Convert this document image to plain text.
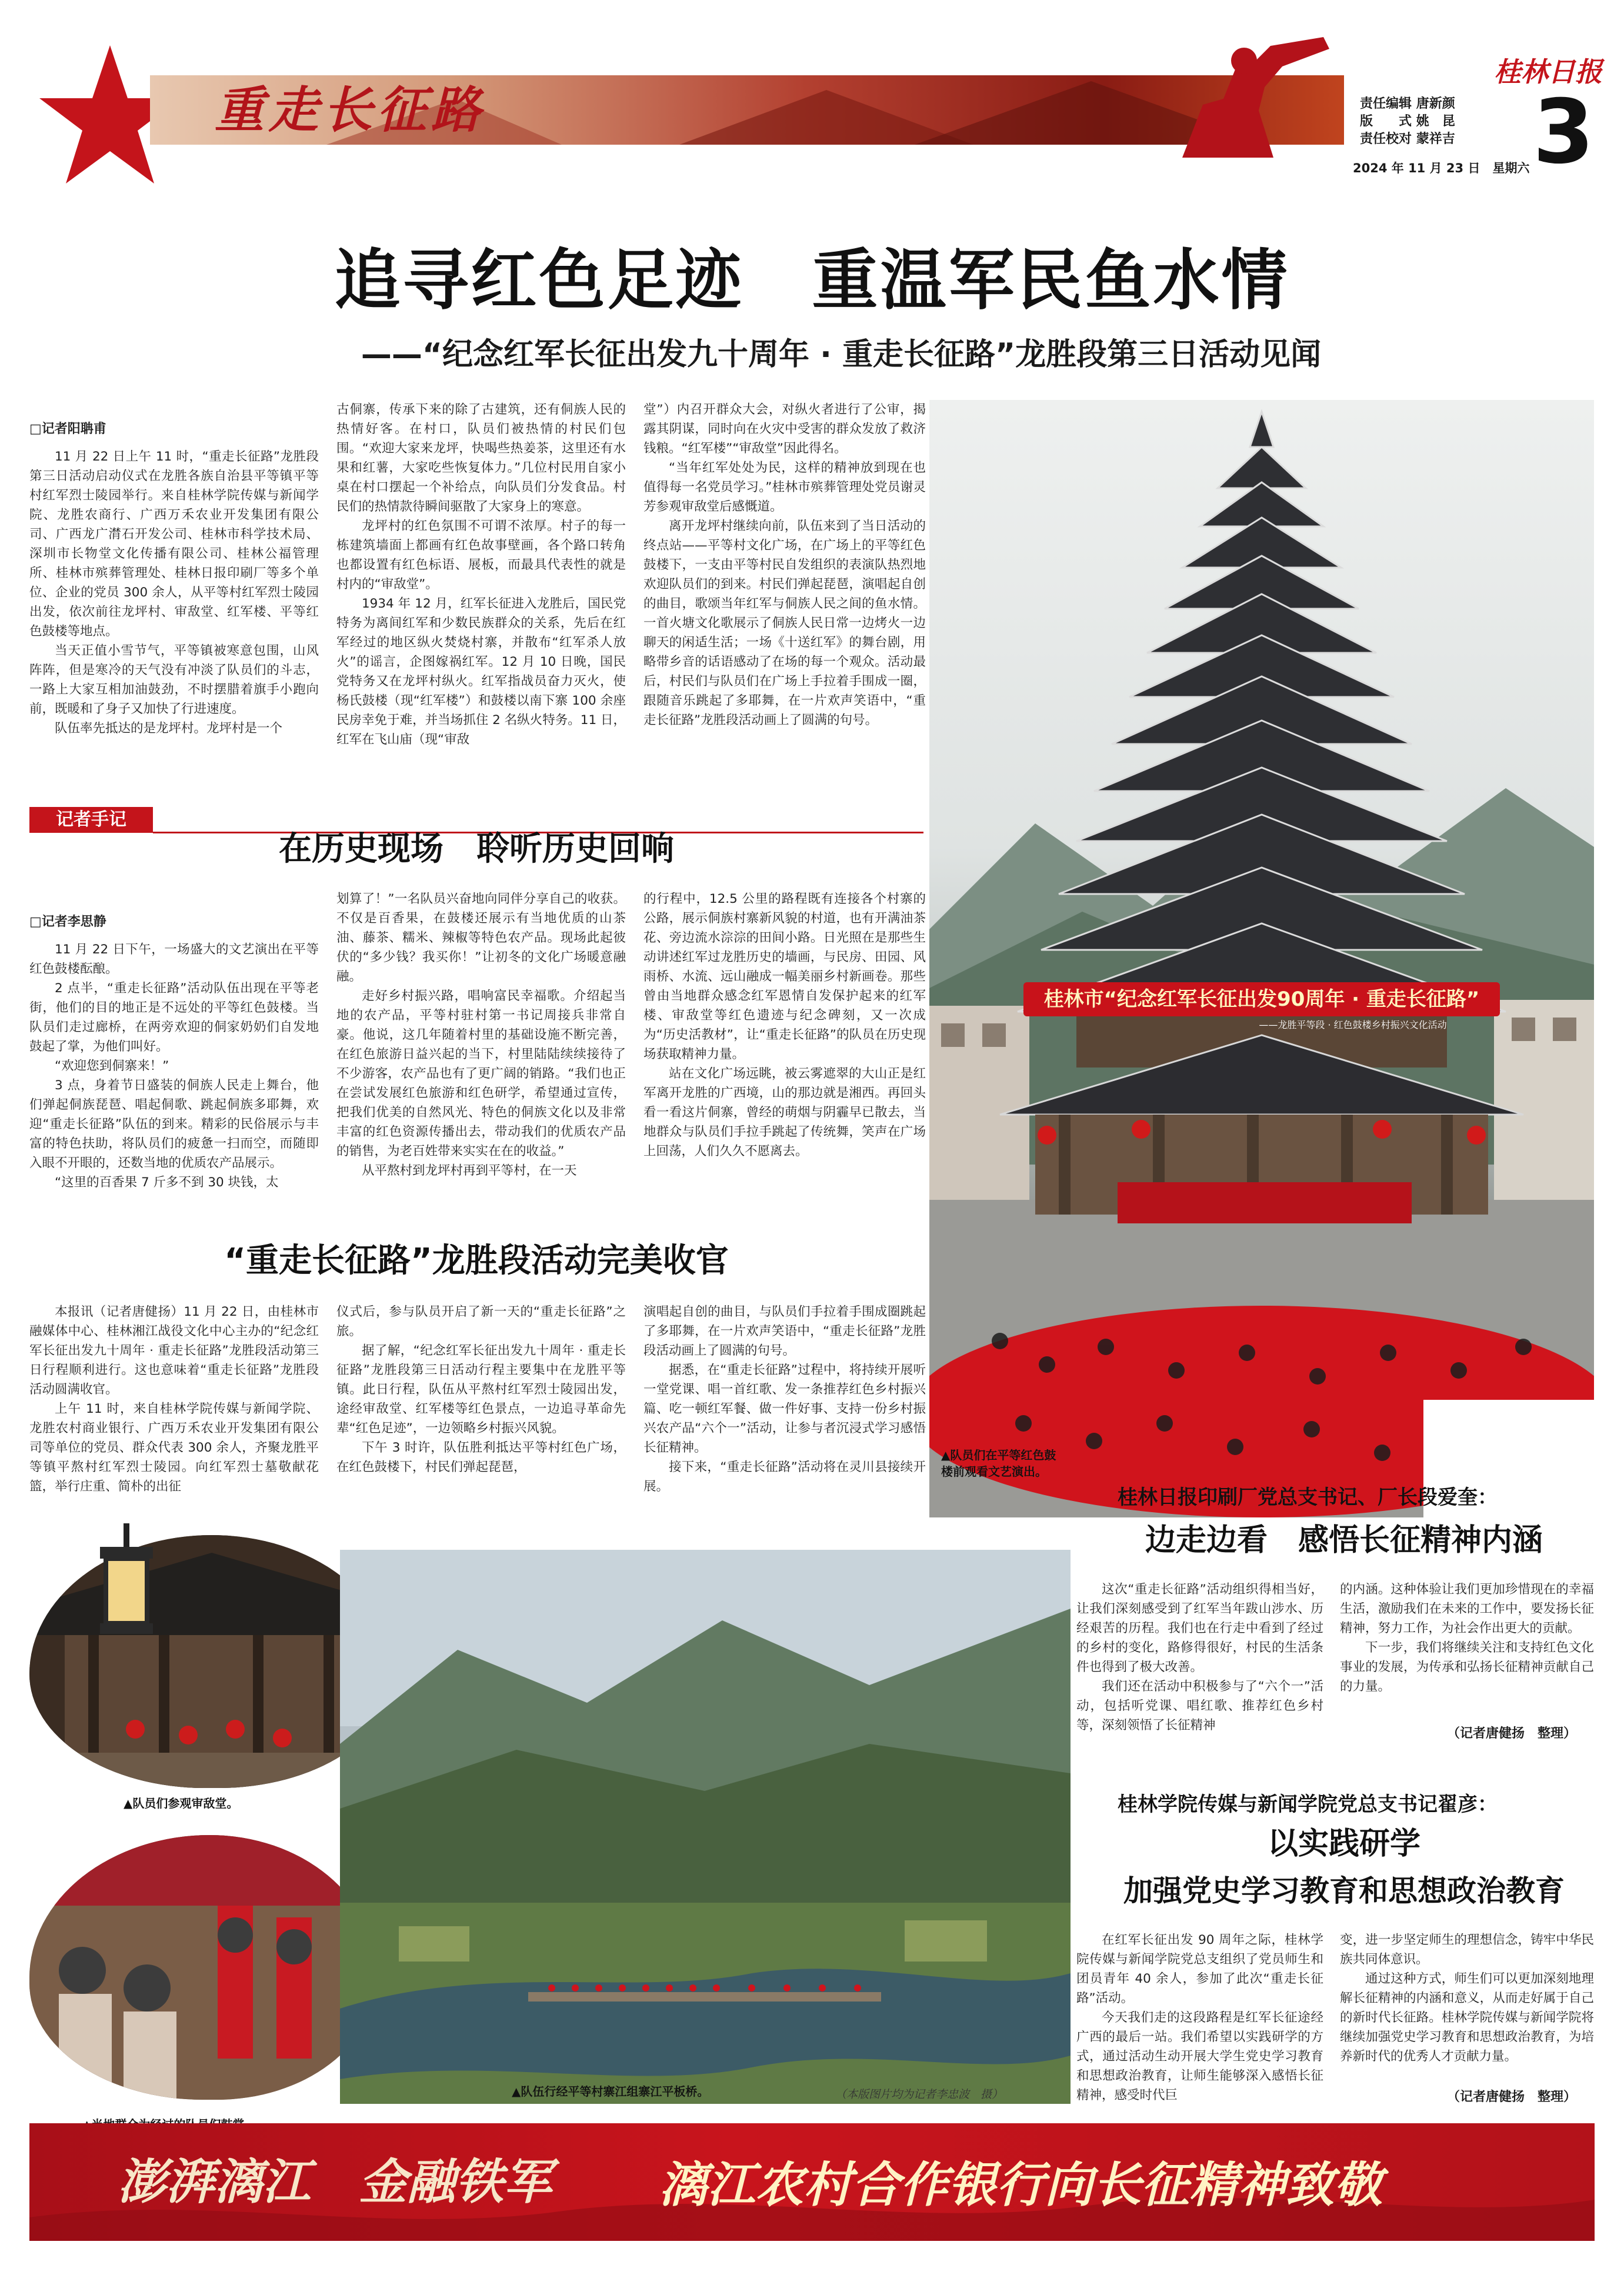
重走长征路
桂林日报
责任编辑 唐新颜
版　　式 姚　昆
责任校对 蒙祥吉
2024 年 11 月 23 日　星期六 3
追寻红色足迹　重温军民鱼水情
——“纪念红军长征出发九十周年 · 重走长征路”龙胜段第三日活动见闻
□记者阳聃甫

11 月 22 日上午 11 时，“重走长征路”龙胜段第三日活动启动仪式在龙胜各族自治县平等镇平等村红军烈士陵园举行。来自桂林学院传媒与新闻学院、龙胜农商行、广西万禾农业开发集团有限公司、广西龙广潸石开发公司、桂林市科学技术局、深圳市长物堂文化传播有限公司、桂林公福管理所、桂林市殡葬管理处、桂林日报印刷厂等多个单位、企业的党员 300 余人，从平等村红军烈士陵园出发，依次前往龙坪村、审敌堂、红军楼、平等红色鼓楼等地点。

当天正值小雪节气，平等镇被寒意包围，山风阵阵，但是寒冷的天气没有冲淡了队员们的斗志，一路上大家互相加油鼓劲，不时摆腊着旗手小跑向前，既暖和了身子又加快了行进速度。

队伍率先抵达的是龙坪村。龙坪村是一个

古侗寨，传承下来的除了古建筑，还有侗族人民的热情好客。在村口，队员们被热情的村民们包围。“欢迎大家来龙坪，快喝些热姜茶，这里还有水果和红薯，大家吃些恢复体力。”几位村民用自家小桌在村口摆起一个补给点，向队员们分发食品。村民们的热情款待瞬间驱散了大家身上的寒意。

龙坪村的红色氛围不可谓不浓厚。村子的每一栋建筑墙面上都画有红色故事壁画，各个路口转角也都设置有红色标语、展板，而最具代表性的就是村内的“审敌堂”。

1934 年 12 月，红军长征进入龙胜后，国民党特务为离间红军和少数民族群众的关系，先后在红军经过的地区纵火焚烧村寨，并散布“红军杀人放火”的谣言，企图嫁祸红军。12 月 10 日晚，国民党特务又在龙坪村纵火。红军指战员奋力灭火，使杨氏鼓楼（现“红军楼”）和鼓楼以南下寨 100 余座民房幸免于难，并当场抓住 2 名纵火特务。11 日，红军在飞山庙（现“审敌

堂”）内召开群众大会，对纵火者进行了公审，揭露其阴谋，同时向在火灾中受害的群众发放了救济钱粮。“红军楼”“审敌堂”因此得名。

“当年红军处处为民，这样的精神放到现在也值得每一名党员学习。”桂林市殡葬管理处党员谢灵芳参观审敌堂后感慨道。

离开龙坪村继续向前，队伍来到了当日活动的终点站——平等村文化广场，在广场上的平等红色鼓楼下，一支由平等村民自发组织的表演队热烈地欢迎队员们的到来。村民们弹起琵琶，演唱起自创的曲目，歌颂当年红军与侗族人民之间的鱼水情。一首火塘文化歌展示了侗族人民日常一边烤火一边聊天的闲适生活；一场《十送红军》的舞台剧，用略带乡音的话语感动了在场的每一个观众。活动最后，村民们与队员们在广场上手拉着手围成一圈，跟随音乐跳起了多耶舞，在一片欢声笑语中，“重走长征路”龙胜段活动画上了圆满的句号。

桂林市“纪念红军长征出发90周年 · 重走长征路”
——龙胜平等段 · 红色鼓楼乡村振兴文化活动
▲队员们在平等红色鼓楼前观看文艺演出。
记者手记
在历史现场　聆听历史回响
□记者李思静

11 月 22 日下午，一场盛大的文艺演出在平等红色鼓楼酝酿。

2 点半，“重走长征路”活动队伍出现在平等老街，他们的目的地正是不远处的平等红色鼓楼。当队员们走过廊桥，在两旁欢迎的侗家奶奶们自发地鼓起了掌，为他们叫好。

“欢迎您到侗寨来！”

3 点，身着节日盛装的侗族人民走上舞台，他们弹起侗族琵琶、唱起侗歌、跳起侗族多耶舞，欢迎“重走长征路”队伍的到来。精彩的民俗展示与丰富的特色扶助，将队员们的疲惫一扫而空，而随即入眼不开眼的，还数当地的优质农产品展示。

“这里的百香果 7 斤多不到 30 块钱，太

划算了！”一名队员兴奋地向同伴分享自己的收获。不仅是百香果，在鼓楼还展示有当地优质的山茶油、藤茶、糯米、辣椒等特色农产品。现场此起彼伏的“多少钱？我买你！”让初冬的文化广场暖意融融。

走好乡村振兴路，唱响富民幸福歌。介绍起当地的农产品，平等村驻村第一书记周接兵非常自豪。他说，这几年随着村里的基础设施不断完善，在红色旅游日益兴起的当下，村里陆陆续续接待了不少游客，农产品也有了更广阔的销路。“我们也正在尝试发展红色旅游和红色研学，希望通过宣传，把我们优美的自然风光、特色的侗族文化以及非常丰富的红色资源传播出去，带动我们的优质农产品的销售，为老百姓带来实实在在的收益。”

从平熬村到龙坪村再到平等村，在一天

的行程中，12.5 公里的路程既有连接各个村寨的公路，展示侗族村寨新风貌的村道，也有开满油茶花、旁边流水淙淙的田间小路。日光照在是那些生动讲述红军过龙胜历史的墙画，与民房、田园、风雨桥、水流、远山融成一幅美丽乡村新画卷。那些曾由当地群众感念红军恩情自发保护起来的红军楼、审敌堂等红色遗迹与纪念碑刻，又一次成为“历史活教材”，让“重走长征路”的队员在历史现场获取精神力量。

站在文化广场远眺，被云雾遮翠的大山正是红军离开龙胜的广西境，山的那边就是湘西。再回头看一看这片侗寨，曾经的萌烟与阴霾早已散去，当地群众与队员们手拉手跳起了传统舞，笑声在广场上回荡，人们久久不愿离去。

“重走长征路”龙胜段活动完美收官

本报讯（记者唐健扬）11 月 22 日，由桂林市融媒体中心、桂林湘江战役文化中心主办的“纪念红军长征出发九十周年 · 重走长征路”龙胜段活动第三日行程顺利进行。这也意味着“重走长征路”龙胜段活动圆满收官。

上午 11 时，来自桂林学院传媒与新闻学院、龙胜农村商业银行、广西万禾农业开发集团有限公司等单位的党员、群众代表 300 余人，齐聚龙胜平等镇平熬村红军烈士陵园。向红军烈士墓敬献花篮，举行庄重、简朴的出征

仪式后，参与队员开启了新一天的“重走长征路”之旅。

据了解，“纪念红军长征出发九十周年 · 重走长征路”龙胜段第三日活动行程主要集中在龙胜平等镇。此日行程，队伍从平熬村红军烈士陵园出发，途经审敌堂、红军楼等红色景点，一边追寻革命先辈“红色足迹”，一边领略乡村振兴风貌。

下午 3 时许，队伍胜利抵达平等村红色广场，在红色鼓楼下，村民们弹起琵琶，

演唱起自创的曲目，与队员们手拉着手围成圈跳起了多耶舞，在一片欢声笑语中，“重走长征路”龙胜段活动画上了圆满的句号。

据悉，在“重走长征路”过程中，将持续开展听一堂党课、唱一首红歌、发一条推荐红色乡村振兴篇、吃一顿红军餐、做一件好事、支持一份乡村振兴农产品“六个一”活动，让参与者沉浸式学习感悟长征精神。

接下来，“重走长征路”活动将在灵川县接续开展。

▲队员们参观审敌堂。
▲队伍行经平等村寨江组寨江平板桥。	（本版图片均为记者李忠波　摄）
桂林日报印刷厂党总支书记、厂长段爱奎：
边走边看　感悟长征精神内涵

这次“重走长征路”活动组织得相当好，让我们深刻感受到了红军当年跋山涉水、历经艰苦的历程。我们也在行走中看到了经过的乡村的变化，路修得很好，村民的生活条件也得到了极大改善。

我们还在活动中积极参与了“六个一”活动，包括听党课、唱红歌、推荐红色乡村等，深刻领悟了长征精神

的内涵。这种体验让我们更加珍惜现在的幸福生活，激励我们在未来的工作中，要发扬长征精神，努力工作，为社会作出更大的贡献。

下一步，我们将继续关注和支持红色文化事业的发展，为传承和弘扬长征精神贡献自己的力量。

（记者唐健扬　整理）
桂林学院传媒与新闻学院党总支书记翟彦：
以实践研学
加强党史学习教育和思想政治教育

在红军长征出发 90 周年之际，桂林学院传媒与新闻学院党总支组织了党员师生和团员青年 40 余人，参加了此次“重走长征路”活动。

今天我们走的这段路程是红军长征途经广西的最后一站。我们希望以实践研学的方式，通过活动生动开展大学生党史学习教育和思想政治教育，让师生能够深入感悟长征精神，感受时代巨

变，进一步坚定师生的理想信念，铸牢中华民族共同体意识。

通过这种方式，师生们可以更加深刻地理解长征精神的内涵和意义，从而走好属于自己的新时代长征路。桂林学院传媒与新闻学院将继续加强党史学习教育和思想政治教育，为培养新时代的优秀人才贡献力量。

（记者唐健扬　整理）
澎湃漓江　金融铁军 漓江农村合作银行向长征精神致敬
